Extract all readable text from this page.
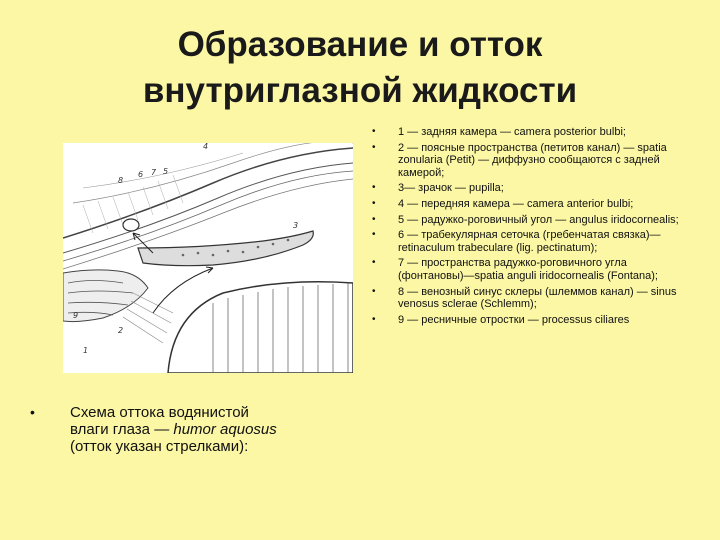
Образование и отток
внутриглазной жидкости
8
6 7 5
4
3
9
2
1
• Схема оттока водянистой
влаги глаза — humor aquosus
(отток указан стрелками):
• 1 — задняя камера — camera posterior bulbi;
• 2 — поясные пространства (петитов канал) — spatia zonularia (Petit) — диффузно сообщаются с задней камерой;
• 3— зрачок — pupilla;
• 4 — передняя камера — camera anterior bulbi;
• 5 — радужко-роговичный угол — angulus iridocornealis;
• 6 — трабекулярная сеточка (гребенчатая связка)—retinaculum trabeculare (lig. pectinatum);
• 7 — пространства радужко-роговичного угла (фонтановы)—spatia anguli iridocornealis (Fontana);
• 8 — венозный синус склеры (шлеммов канал) — sinus venosus sclerae (Schlemm);
• 9 — ресничные отростки — processus ciliares
